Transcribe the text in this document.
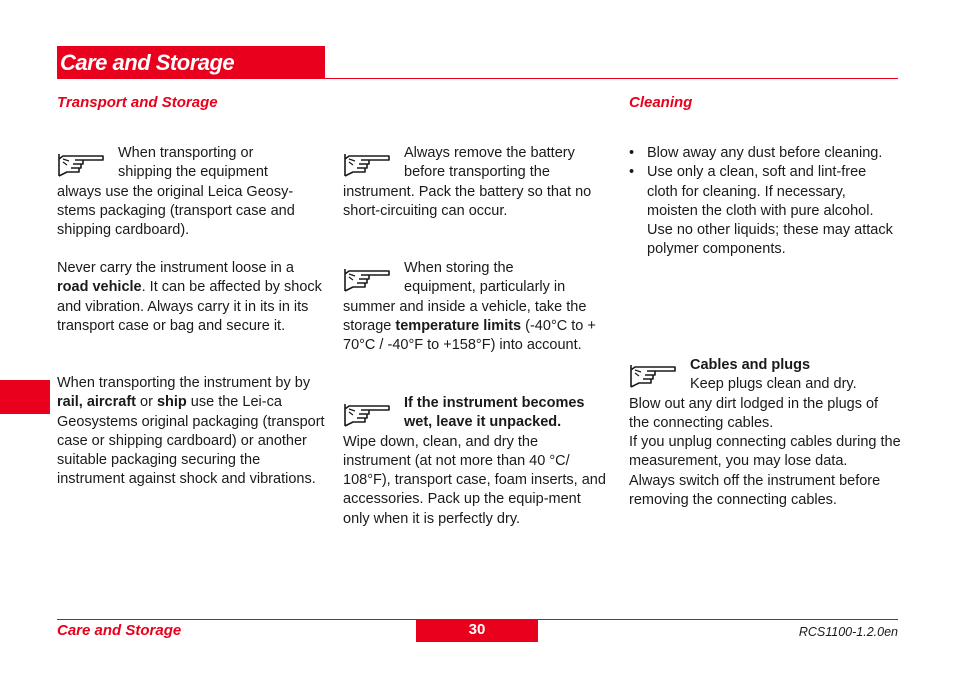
Care and Storage
Transport and Storage	Cleaning
When transporting or
shipping the equipment
always use the original Leica Geosy-stems packaging (transport case and shipping cardboard).
Never carry the instrument loose in a road vehicle. It can be affected by shock and vibration. Always carry it in its in its transport case or bag and secure it.
When transporting the instrument by by rail, aircraft or ship use the Lei-ca Geosystems original packaging (transport case or shipping cardboard) or another suitable packaging securing the instrument against shock and vibrations.
Always remove the battery
before transporting the
instrument. Pack the battery so that no short-circuiting can occur.
When storing the
equipment, particularly in
summer and inside a vehicle, take the storage temperature limits (-40°C to + 70°C / -40°F to +158°F) into account.
If the instrument becomes
wet, leave it unpacked.
Wipe down, clean, and dry the instrument (at not more than 40 °C/ 108°F), transport case, foam inserts, and accessories. Pack up the equip-ment only when it is perfectly dry.
• Blow away any dust before cleaning.
• Use only a clean, soft and lint-free cloth for cleaning. If necessary, moisten the cloth with pure alcohol.
Use no other liquids; these may attack polymer components.
Cables and plugs
Keep plugs clean and dry.
Blow out any dirt lodged in the plugs of the connecting cables.
If you unplug connecting cables during the measurement, you may lose data.
Always switch off the instrument before removing the connecting cables.
30
Care and Storage	RCS1100-1.2.0en
